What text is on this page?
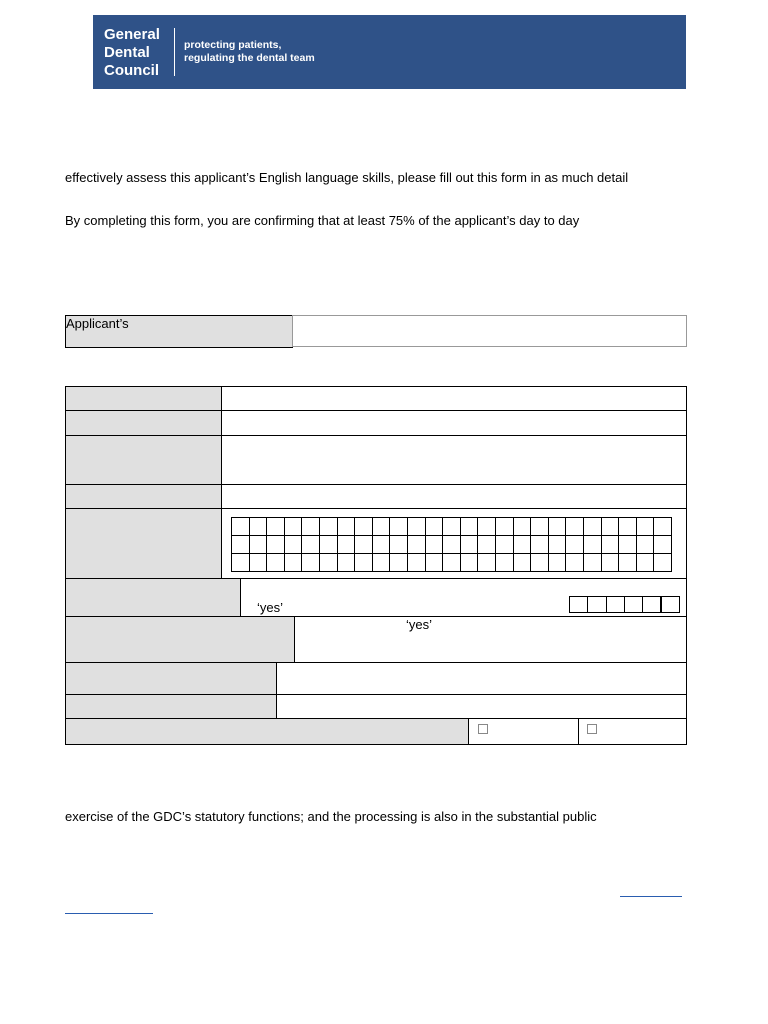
General
Dental
Council
protecting patients,
regulating the dental team
effectively assess this applicant’s English language skills, please fill out this form in as much detail
By completing this form, you are confirming that at least 75% of the applicant’s day to day
Applicant’s
‘yes’
‘yes’
exercise of the GDC’s statutory functions; and the processing is also in the substantial public
